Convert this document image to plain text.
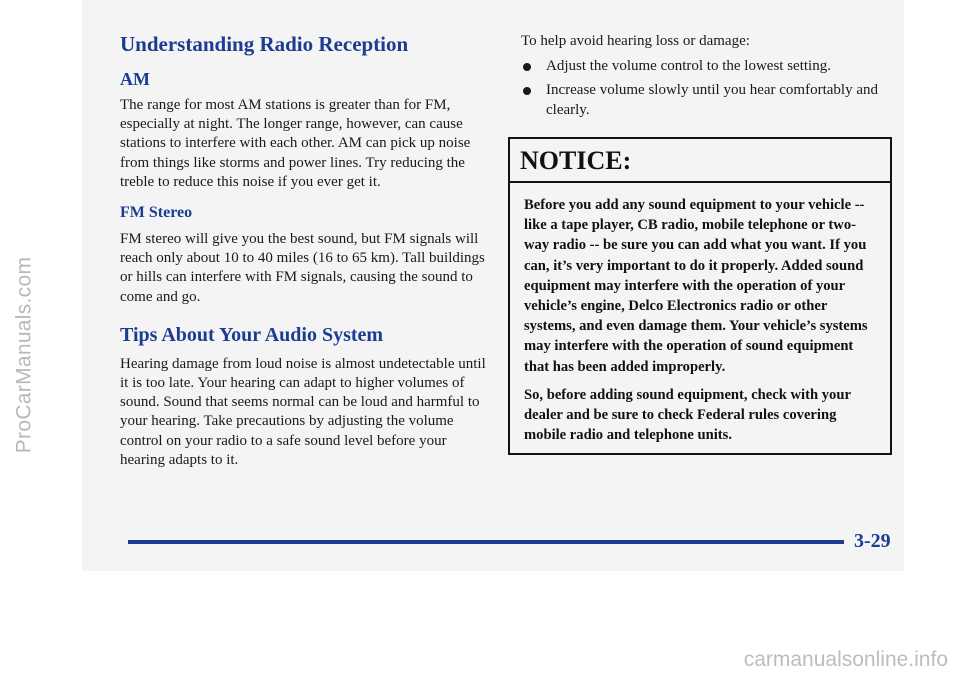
ProCarManuals.com
Understanding Radio Reception
AM

The range for most AM stations is greater than for FM, especially at night. The longer range, however, can cause stations to interfere with each other. AM can pick up noise from things like storms and power lines. Try reducing the treble to reduce this noise if you ever get it.

FM Stereo

FM stereo will give you the best sound, but FM signals will reach only about 10 to 40 miles (16 to 65 km). Tall buildings or hills can interfere with FM signals, causing the sound to come and go.

Tips About Your Audio System

Hearing damage from loud noise is almost undetectable until it is too late. Your hearing can adapt to higher volumes of sound. Sound that seems normal can be loud and harmful to your hearing. Take precautions by adjusting the volume control on your radio to a safe sound level before your hearing adapts to it.

To help avoid hearing loss or damage:

Adjust the volume control to the lowest setting.
Increase volume slowly until you hear comfortably and clearly.
NOTICE:

Before you add any sound equipment to your vehicle -- like a tape player, CB radio, mobile telephone or two-way radio -- be sure you can add what you want. If you can, it’s very important to do it properly. Added sound equipment may interfere with the operation of your vehicle’s engine, Delco Electronics radio or other systems, and even damage them. Your vehicle’s systems may interfere with the operation of sound equipment that has been added improperly.

So, before adding sound equipment, check with your dealer and be sure to check Federal rules covering mobile radio and telephone units.

3-29
carmanualsonline.info
